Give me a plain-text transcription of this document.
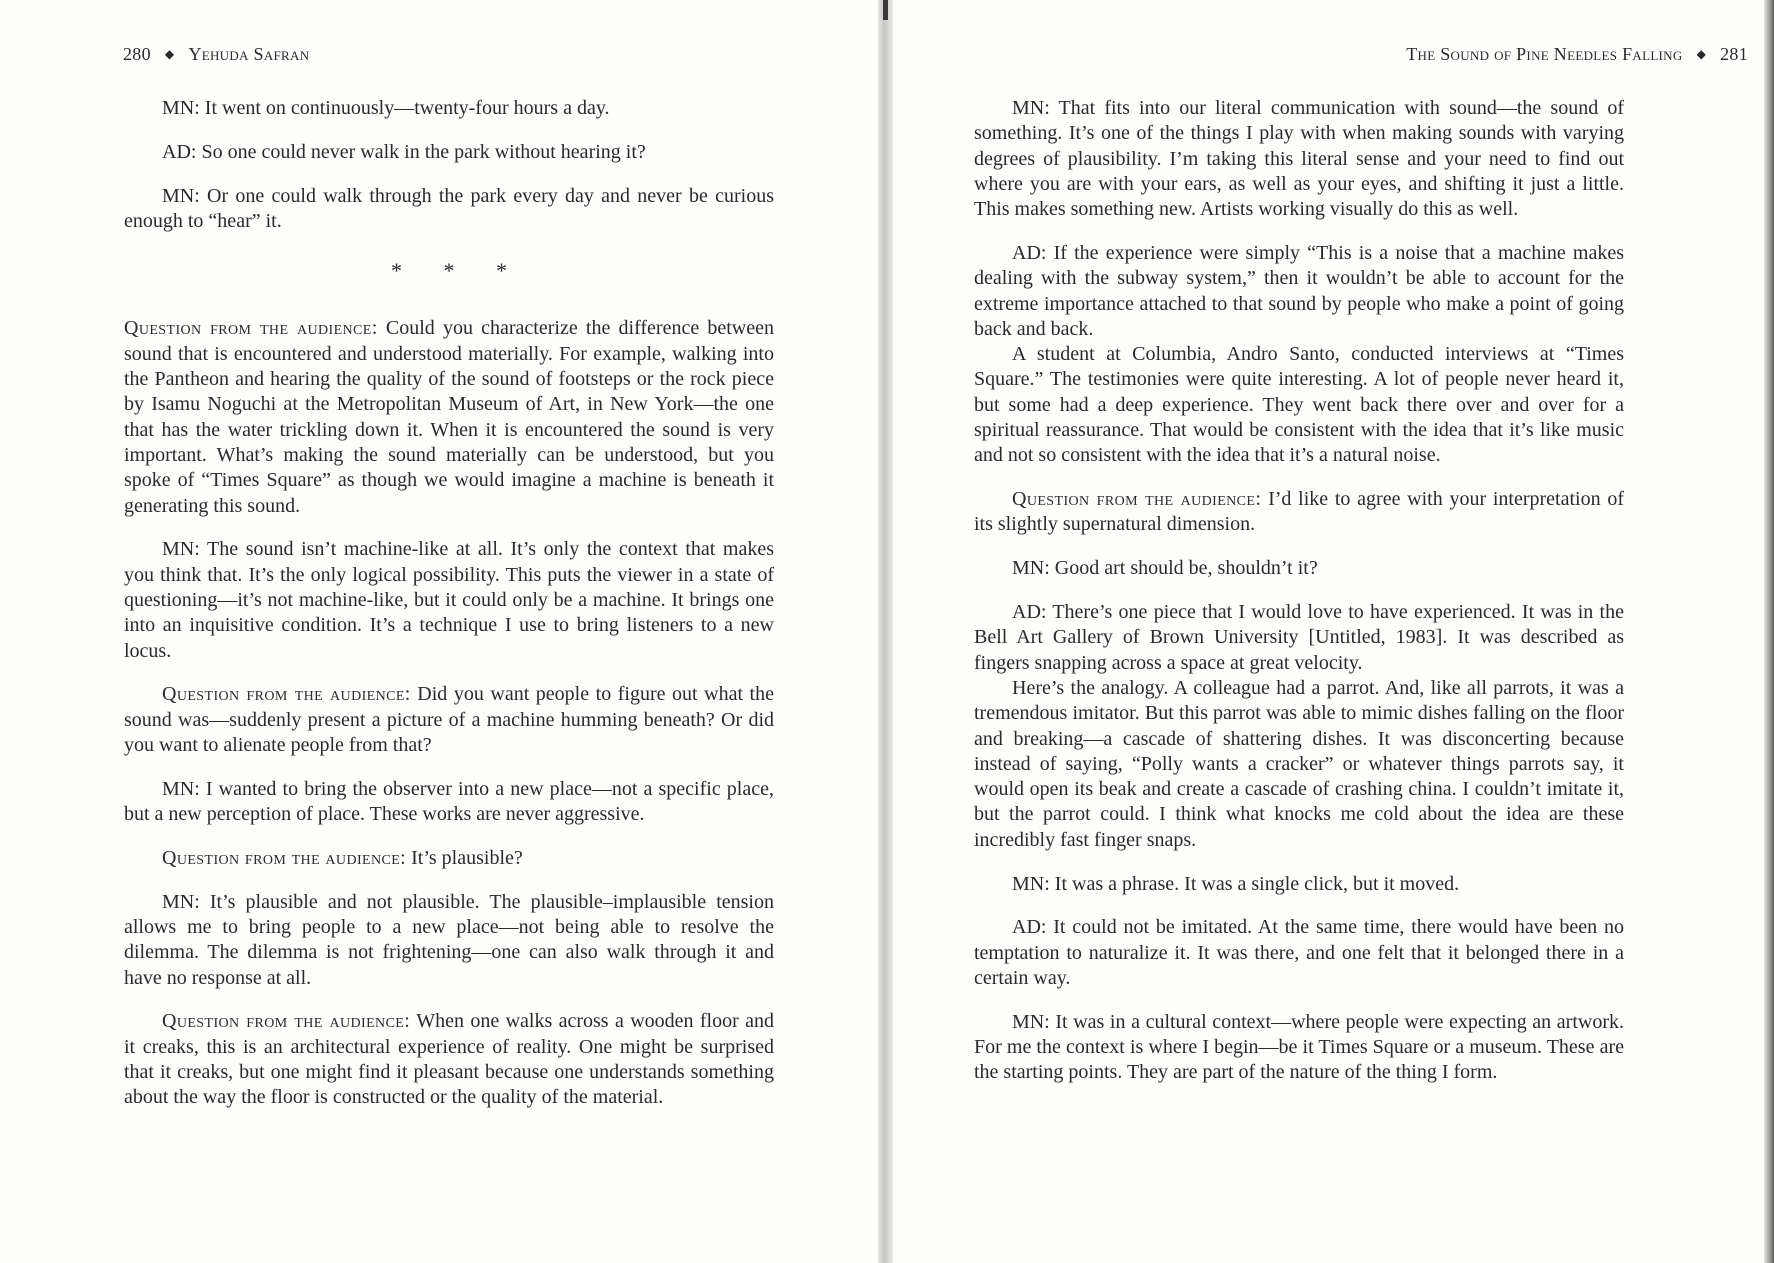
280 ◆ Yehuda Safran

MN: It went on continuously—twenty-four hours a day.

AD: So one could never walk in the park without hearing it?

MN: Or one could walk through the park every day and never be curious enough to “hear” it.

* * *

Question from the audience: Could you characterize the difference between sound that is encountered and understood materially. For example, walking into the Pantheon and hearing the quality of the sound of footsteps or the rock piece by Isamu Noguchi at the Metropolitan Museum of Art, in New York—the one that has the water trickling down it. When it is encountered the sound is very important. What’s making the sound materially can be understood, but you spoke of “Times Square” as though we would imagine a machine is beneath it generating this sound.

MN: The sound isn’t machine-like at all. It’s only the context that makes you think that. It’s the only logical possibility. This puts the viewer in a state of questioning—it’s not machine-like, but it could only be a machine. It brings one into an inquisitive condition. It’s a technique I use to bring listeners to a new locus.

Question from the audience: Did you want people to figure out what the sound was—suddenly present a picture of a machine humming beneath? Or did you want to alienate people from that?

MN: I wanted to bring the observer into a new place—not a specific place, but a new perception of place. These works are never aggressive.

Question from the audience: It’s plausible?

MN: It’s plausible and not plausible. The plausible–implausible tension allows me to bring people to a new place—not being able to resolve the dilemma. The dilemma is not frightening—one can also walk through it and have no response at all.

Question from the audience: When one walks across a wooden floor and it creaks, this is an architectural experience of reality. One might be surprised that it creaks, but one might find it pleasant because one understands something about the way the floor is constructed or the quality of the material.

The Sound of Pine Needles Falling ◆ 281

MN: That fits into our literal communication with sound—the sound of something. It’s one of the things I play with when making sounds with varying degrees of plausibility. I’m taking this literal sense and your need to find out where you are with your ears, as well as your eyes, and shifting it just a little. This makes something new. Artists working visually do this as well.

AD: If the experience were simply “This is a noise that a machine makes dealing with the subway system,” then it wouldn’t be able to account for the extreme importance attached to that sound by people who make a point of going back and back.

A student at Columbia, Andro Santo, conducted interviews at “Times Square.” The testimonies were quite interesting. A lot of people never heard it, but some had a deep experience. They went back there over and over for a spiritual reassurance. That would be consistent with the idea that it’s like music and not so consistent with the idea that it’s a natural noise.

Question from the audience: I’d like to agree with your interpretation of its slightly supernatural dimension.

MN: Good art should be, shouldn’t it?

AD: There’s one piece that I would love to have experienced. It was in the Bell Art Gallery of Brown University [Untitled, 1983]. It was described as fingers snapping across a space at great velocity.

Here’s the analogy. A colleague had a parrot. And, like all parrots, it was a tremendous imitator. But this parrot was able to mimic dishes falling on the floor and breaking—a cascade of shattering dishes. It was disconcerting because instead of saying, “Polly wants a cracker” or whatever things parrots say, it would open its beak and create a cascade of crashing china. I couldn’t imitate it, but the parrot could. I think what knocks me cold about the idea are these incredibly fast finger snaps.

MN: It was a phrase. It was a single click, but it moved.

AD: It could not be imitated. At the same time, there would have been no temptation to naturalize it. It was there, and one felt that it belonged there in a certain way.

MN: It was in a cultural context—where people were expecting an artwork. For me the context is where I begin—be it Times Square or a museum. These are the starting points. They are part of the nature of the thing I form.
